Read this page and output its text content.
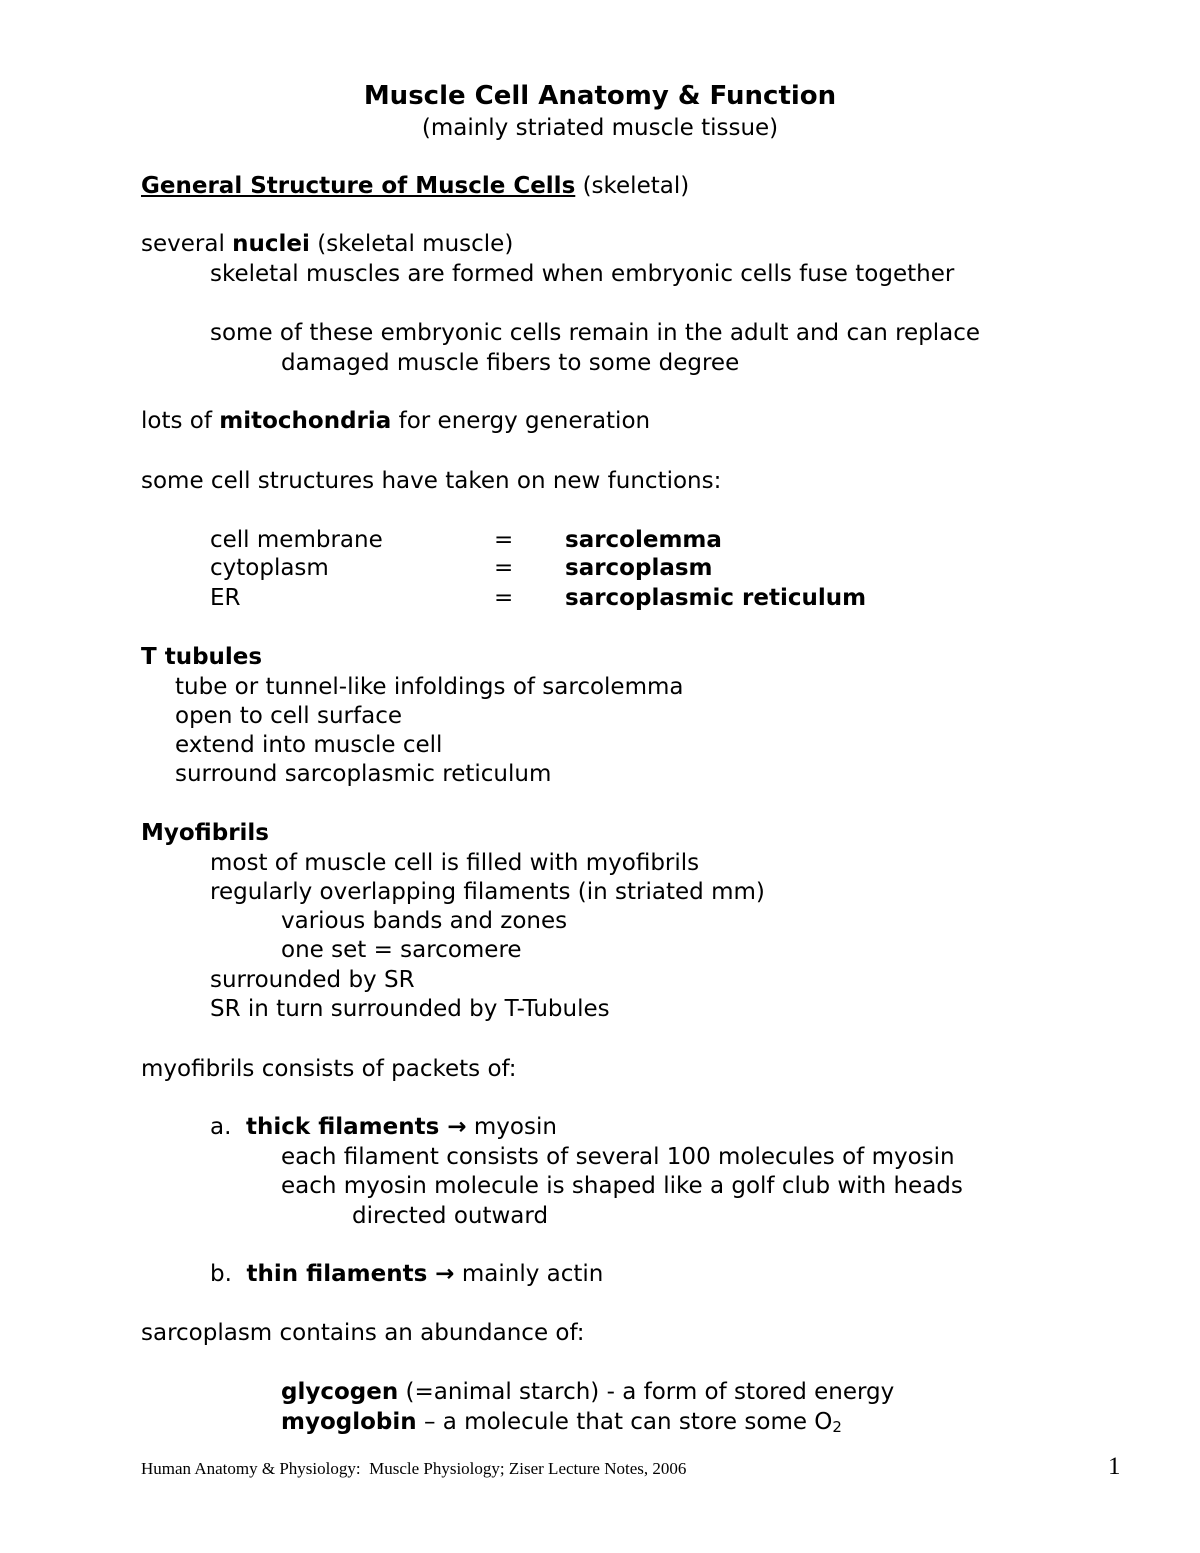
Muscle Cell Anatomy & Function
(mainly striated muscle tissue)
General Structure of Muscle Cells (skeletal)
several nuclei (skeletal muscle)
skeletal muscles are formed when embryonic cells fuse together
some of these embryonic cells remain in the adult and can replace
damaged muscle fibers to some degree
lots of mitochondria for energy generation
some cell structures have taken on new functions:
cell membrane	= sarcolemma
cytoplasm	= sarcoplasm
ER	= sarcoplasmic reticulum
T tubules
tube or tunnel-like infoldings of sarcolemma
open to cell surface
extend into muscle cell
surround sarcoplasmic reticulum
Myofibrils
most of muscle cell is filled with myofibrils
regularly overlapping filaments (in striated mm)
various bands and zones
one set = sarcomere
surrounded by SR
SR in turn surrounded by T-Tubules
myofibrils consists of packets of:
a.  thick filaments → myosin
each filament consists of several 100 molecules of myosin
each myosin molecule is shaped like a golf club with heads
directed outward
b.  thin filaments → mainly actin
sarcoplasm contains an abundance of:
glycogen (=animal starch) - a form of stored energy
myoglobin – a molecule that can store some $O_2$
Human Anatomy & Physiology:  Muscle Physiology; Ziser Lecture Notes, 2006	1
